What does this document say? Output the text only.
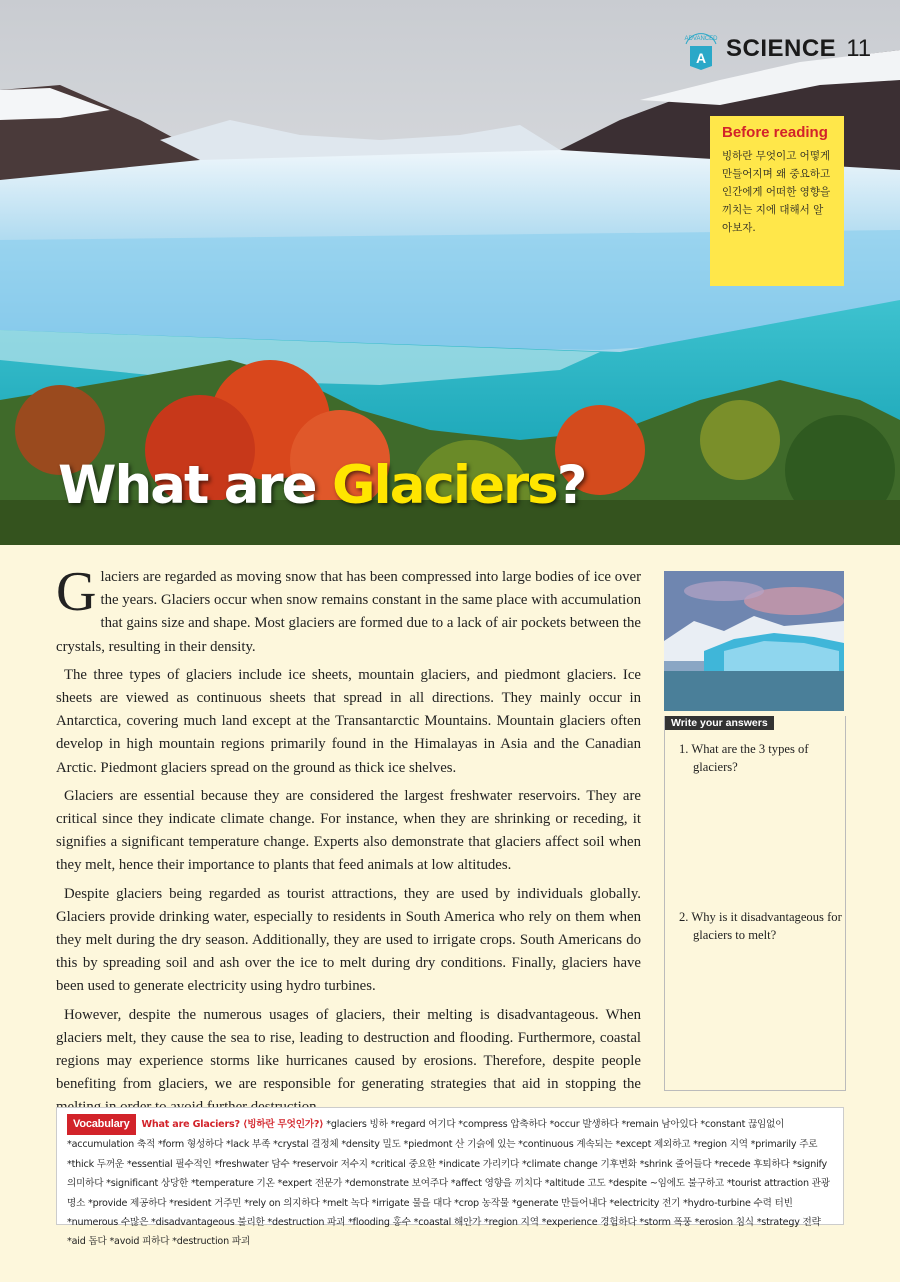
ADVANCED
A SCIENCE 11
Before reading

빙하란 무엇이고 어떻게 만들어지며 왜 중요하고 인간에게 어떠한 영향을 끼치는 지에 대해서 알아보자.

What are Glaciers?

Glaciers are regarded as moving snow that has been compressed into large bodies of ice over the years. Glaciers occur when snow remains constant in the same place with accumulation that gains size and shape. Most glaciers are formed due to a lack of air pockets between the crystals, resulting in their density.

The three types of glaciers include ice sheets, mountain glaciers, and piedmont glaciers. Ice sheets are viewed as continuous sheets that spread in all directions. They mainly occur in Antarctica, covering much land except at the Transantarctic Mountains. Mountain glaciers often develop in high mountain regions primarily found in the Himalayas in Asia and the Canadian Arctic. Piedmont glaciers spread on the ground as thick ice shelves.

Glaciers are essential because they are considered the largest freshwater reservoirs. They are critical since they indicate climate change. For instance, when they are shrinking or receding, it signifies a significant temperature change. Experts also demonstrate that glaciers affect soil when they melt, hence their importance to plants that feed animals at low altitudes.

Despite glaciers being regarded as tourist attractions, they are used by individuals globally. Glaciers provide drinking water, especially to residents in South America who rely on them when they melt during the dry season. Additionally, they are used to irrigate crops. South Americans do this by spreading soil and ash over the ice to melt during dry conditions. Finally, glaciers have been used to generate electricity using hydro turbines.

However, despite the numerous usages of glaciers, their melting is disadvantageous. When glaciers melt, they cause the sea to rise, leading to destruction and flooding. Furthermore, coastal regions may experience storms like hurricanes caused by erosions. Therefore, despite people benefiting from glaciers, we are responsible for generating strategies that aid in stopping the

Write your answers
1. What are the 3 types of glaciers?
2. Why is it disadvantageous for glaciers to melt?
Vocabulary What are Glaciers? ⟨빙하란 무엇인가?⟩ *glaciers 빙하 *regard 여기다 *compress 압축하다 *occur 발생하다 *remain 남아있다 *constant 끊임없이 *accumulation 축적 *form 형성하다 *lack 부족 *crystal 결정체 *density 밀도 *piedmont 산 기슭에 있는 *continuous 계속되는 *except 제외하고 *region 지역 *primarily 주로 *thick 두꺼운 *essential 필수적인 *freshwater 담수 *reservoir 저수지 *critical 중요한 *indicate 가리키다 *climate change 기후변화 *shrink 줄어들다 *recede 후퇴하다 *signify 의미하다 *significant 상당한 *temperature 기온 *expert 전문가 *demonstrate 보여주다 *affect 영향을 끼치다 *altitude 고도 *despite ~임에도 불구하고 *tourist attraction 관광명소 *provide 제공하다 *resident 거주민 *rely on 의지하다 *melt 녹다 *irrigate 물을 대다 *crop 농작물 *generate 만들어내다 *electricity 전기 *hydro-turbine 수력 터빈 *numerous 수많은 *disadvantageous 불리한 *destruction 파괴 *flooding 홍수 *coastal 해안가 *region 지역 *experience 경험하다 *storm 폭풍 *erosion 침식 *strategy 전략 *aid 돕다 *avoid 피하다 *destruction 파괴
